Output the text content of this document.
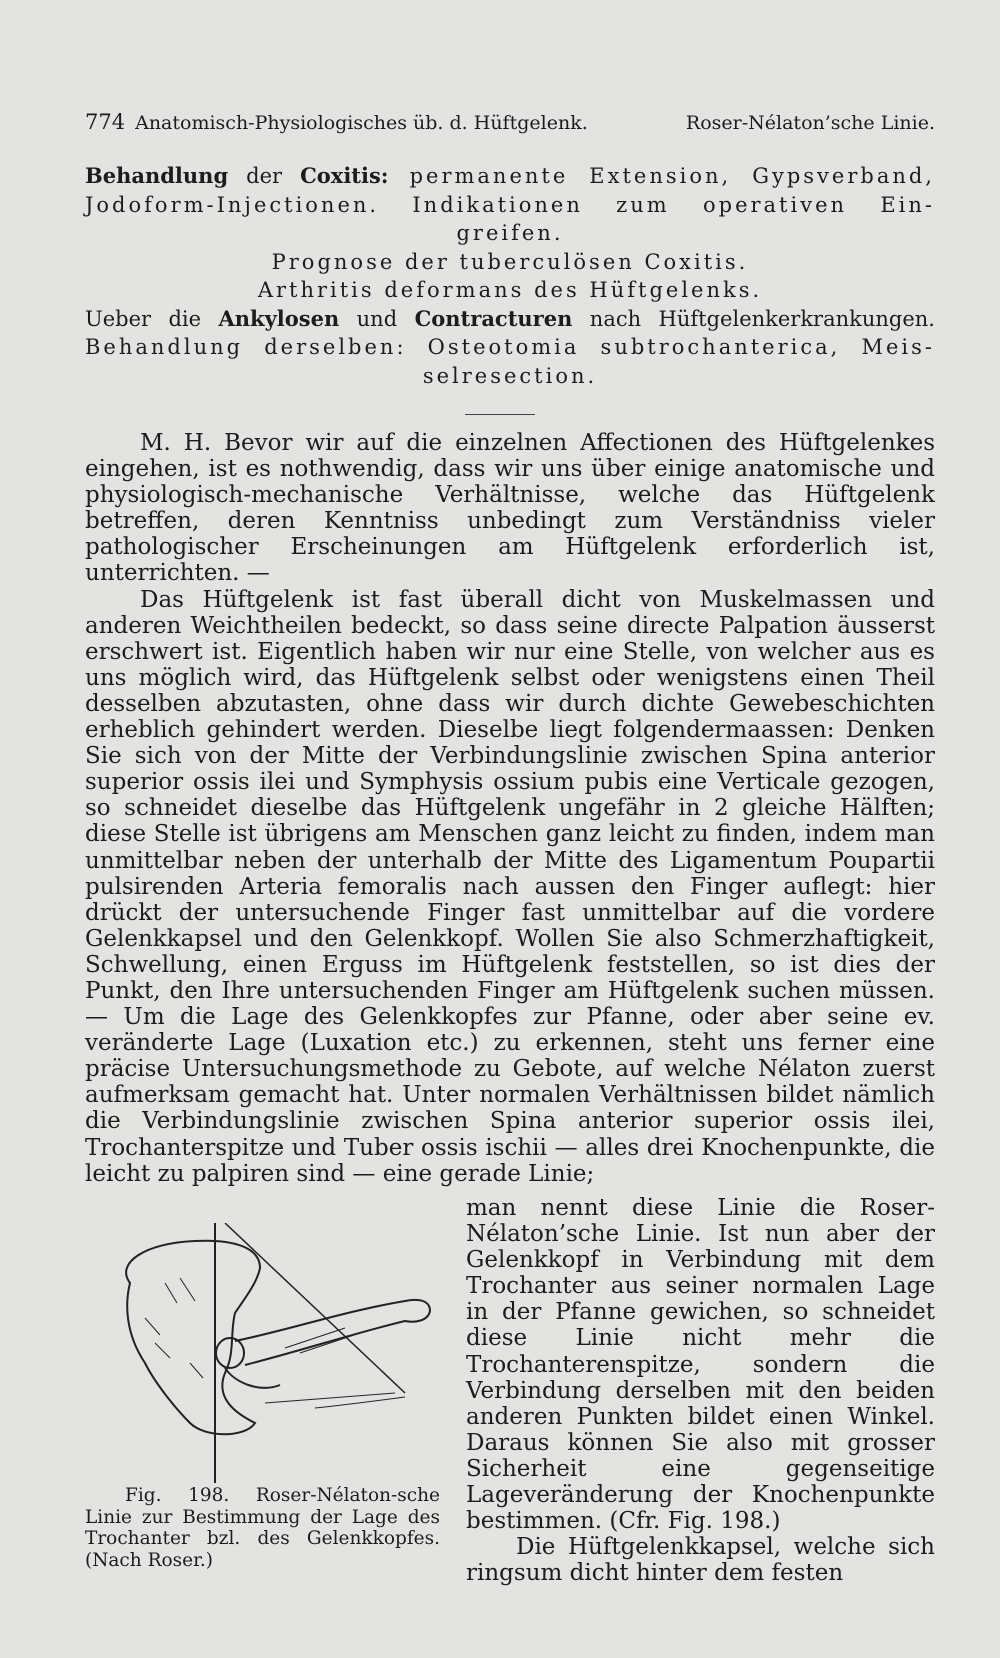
774 Anatomisch-Physiologisches üb. d. Hüftgelenk.	Roser-Nélaton’sche Linie.

Behandlung der Coxitis: permanente Extension, Gypsverband,

Jodoform-Injectionen. Indikationen zum operativen Ein-

greifen.

Prognose der tuberculösen Coxitis.

Arthritis deformans des Hüftgelenks.

Ueber die Ankylosen und Contracturen nach Hüftgelenkerkrankungen.

Behandlung derselben: Osteotomia subtrochanterica, Meis-

selresection.

M. H. Bevor wir auf die einzelnen Affectionen des Hüftgelenkes eingehen, ist es nothwendig, dass wir uns über einige anatomische und physiologisch-mechanische Verhältnisse, welche das Hüftgelenk betreffen, deren Kenntniss unbedingt zum Verständniss vieler pathologischer Erscheinungen am Hüftgelenk erforderlich ist, unterrichten. —

Das Hüftgelenk ist fast überall dicht von Muskelmassen und anderen Weichtheilen bedeckt, so dass seine directe Palpation äusserst erschwert ist. Eigentlich haben wir nur eine Stelle, von welcher aus es uns möglich wird, das Hüftgelenk selbst oder wenigstens einen Theil desselben abzutasten, ohne dass wir durch dichte Gewebeschichten erheblich gehindert werden. Dieselbe liegt folgendermaassen: Denken Sie sich von der Mitte der Verbindungslinie zwischen Spina anterior superior ossis ilei und Symphysis ossium pubis eine Verticale gezogen, so schneidet dieselbe das Hüftgelenk ungefähr in 2 gleiche Hälften; diese Stelle ist übrigens am Menschen ganz leicht zu finden, indem man unmittelbar neben der unterhalb der Mitte des Ligamentum Poupartii pulsirenden Arteria femoralis nach aussen den Finger auflegt: hier drückt der untersuchende Finger fast unmittelbar auf die vordere Gelenkkapsel und den Gelenkkopf. Wollen Sie also Schmerzhaftigkeit, Schwellung, einen Erguss im Hüftgelenk feststellen, so ist dies der Punkt, den Ihre untersuchenden Finger am Hüftgelenk suchen müssen. — Um die Lage des Gelenkkopfes zur Pfanne, oder aber seine ev. veränderte Lage (Luxation etc.) zu erkennen, steht uns ferner eine präcise Untersuchungsmethode zu Gebote, auf welche Nélaton zuerst aufmerksam gemacht hat. Unter normalen Verhältnissen bildet nämlich die Verbindungslinie zwischen Spina anterior superior ossis ilei, Trochanterspitze und Tuber ossis ischii — alles drei Knochenpunkte, die leicht zu palpiren sind — eine gerade Linie;

Fig. 198. Roser-Nélaton-sche Linie zur Bestimmung der Lage des Trochanter bzl. des Gelenkkopfes. (Nach Roser.)

man nennt diese Linie die Roser-Nélaton’sche Linie. Ist nun aber der Gelenkkopf in Verbindung mit dem Trochanter aus seiner normalen Lage in der Pfanne gewichen, so schneidet diese Linie nicht mehr die Trochanterenspitze, sondern die Verbindung derselben mit den beiden anderen Punkten bildet einen Winkel. Daraus können Sie also mit grosser Sicherheit eine gegenseitige Lageveränderung der Knochenpunkte bestimmen. (Cfr. Fig. 198.)

Die Hüftgelenkkapsel, welche sich ringsum dicht hinter dem festen
